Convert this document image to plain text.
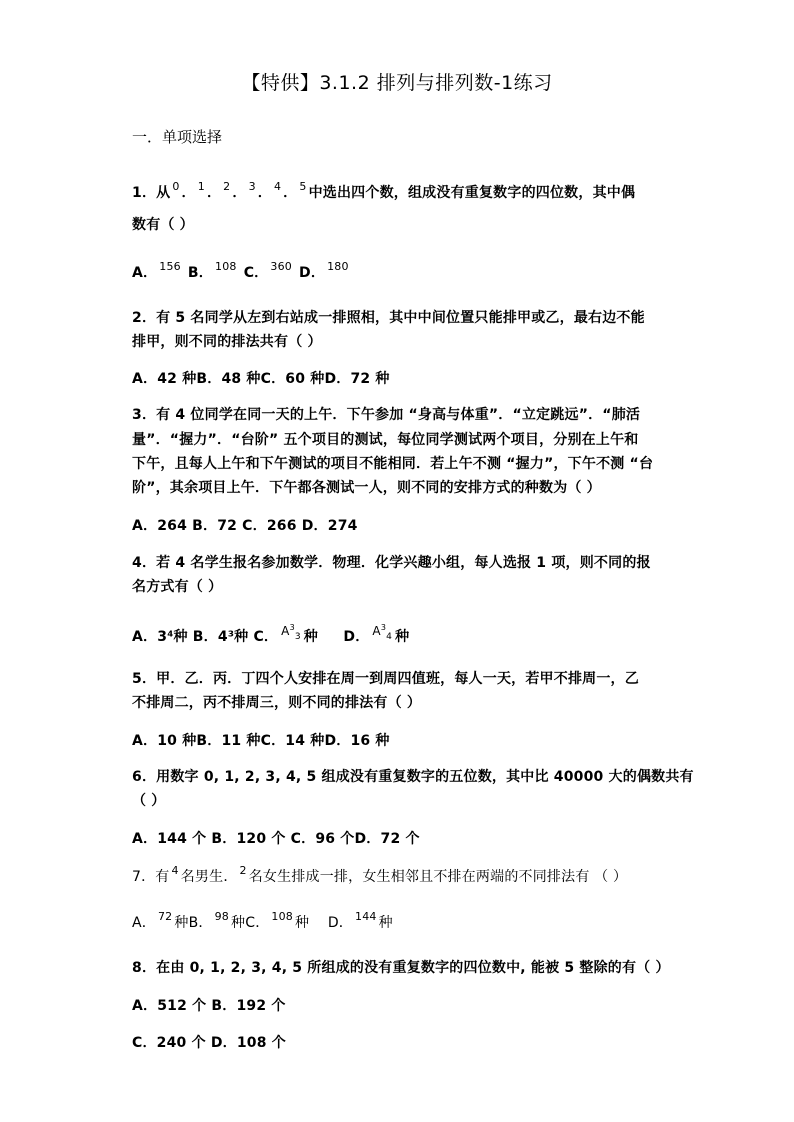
【特供】3.1.2 排列与排列数-1练习
一．单项选择
1．从 $^0$ ． $^1$ ． $^2$ ． $^3$ ． $^4$ ． $^5$ 中选出四个数，组成没有重复数字的四位数，其中偶
数有（ ）
A． $^{156}$ B． $^{108}$ C． $^{360}$ D． $^{180}$
2．有 5 名同学从左到右站成一排照相，其中中间位置只能排甲或乙，最右边不能
排甲，则不同的排法共有（ ）
A．42 种B．48 种C．60 种D．72 种
3．有 4 位同学在同一天的上午．下午参加 “身高与体重”．“立定跳远”．“肺活
量”．“握力”．“台阶” 五个项目的测试，每位同学测试两个项目，分别在上午和
下午，且每人上午和下午测试的项目不能相同．若上午不测 “握力”，下午不测 “台
阶”，其余项目上午．下午都各测试一人，则不同的安排方式的种数为（ ）
A．264 B．72 C．266 D．274
4．若 4 名学生报名参加数学．物理．化学兴趣小组，每人选报 1 项，则不同的报
名方式有（ ）
A．3⁴种 B．4³种 C． $A^3_3$ 种 D． $A^3_4$ 种
5．甲．乙．丙．丁四个人安排在周一到周四值班，每人一天，若甲不排周一，乙
不排周二，丙不排周三，则不同的排法有（ ）
A．10 种B．11 种C．14 种D．16 种
6．用数字 0, 1, 2, 3, 4, 5 组成没有重复数字的五位数，其中比 40000 大的偶数共有
（ ）
A．144 个 B．120 个 C．96 个D．72 个
7．有 $^4$ 名男生． $^2$ 名女生排成一排，女生相邻且不排在两端的不同排法有 （ ）
A． $^{72}$ 种B． $^{98}$ 种C． $^{108}$ 种    D． $^{144}$ 种
8．在由 0, 1, 2, 3, 4, 5 所组成的没有重复数字的四位数中, 能被 5 整除的有（ ）
A．512 个 B．192 个
C．240 个 D．108 个
